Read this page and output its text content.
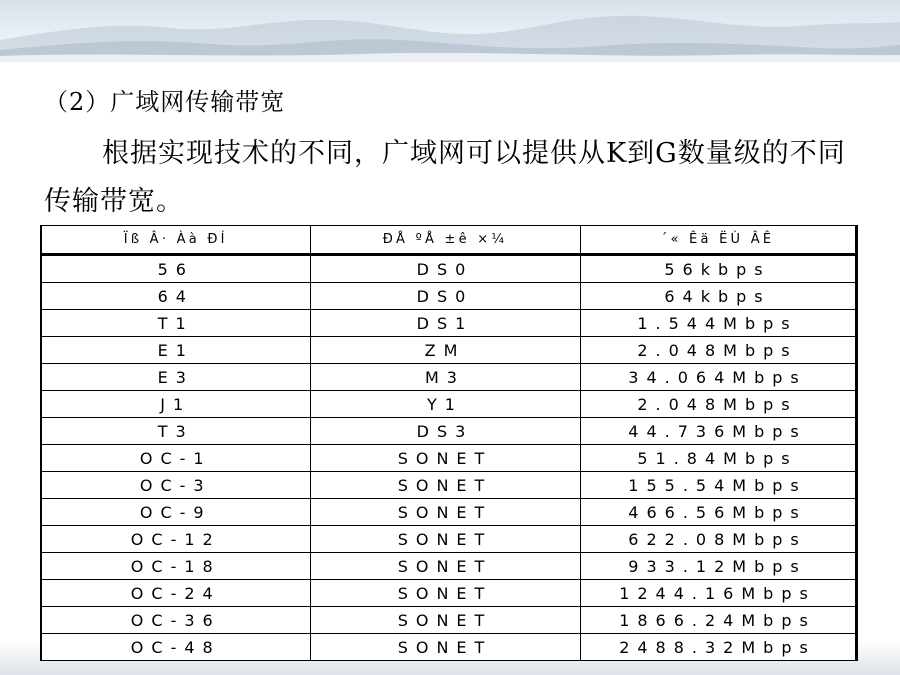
（2）广域网传输带宽
根据实现技术的不同，广域网可以提供从K到G数量级的不同传输带宽。
Ïß Â· Àà ÐÍ	ÐÅ ºÅ ±ê ×¼	´« Êä ËÙ ÂÊ
56	DS0	56kbps
64	DS0	64kbps
T1	DS1	1.544Mbps
E1	ZM	2.048Mbps
E3	M3	34.064Mbps
J1	Y1	2.048Mbps
T3	DS3	44.736Mbps
OC-1	SONET	51.84Mbps
OC-3	SONET	155.54Mbps
OC-9	SONET	466.56Mbps
OC-12	SONET	622.08Mbps
OC-18	SONET	933.12Mbps
OC-24	SONET	1244.16Mbps
OC-36	SONET	1866.24Mbps
OC-48	SONET	2488.32Mbps
